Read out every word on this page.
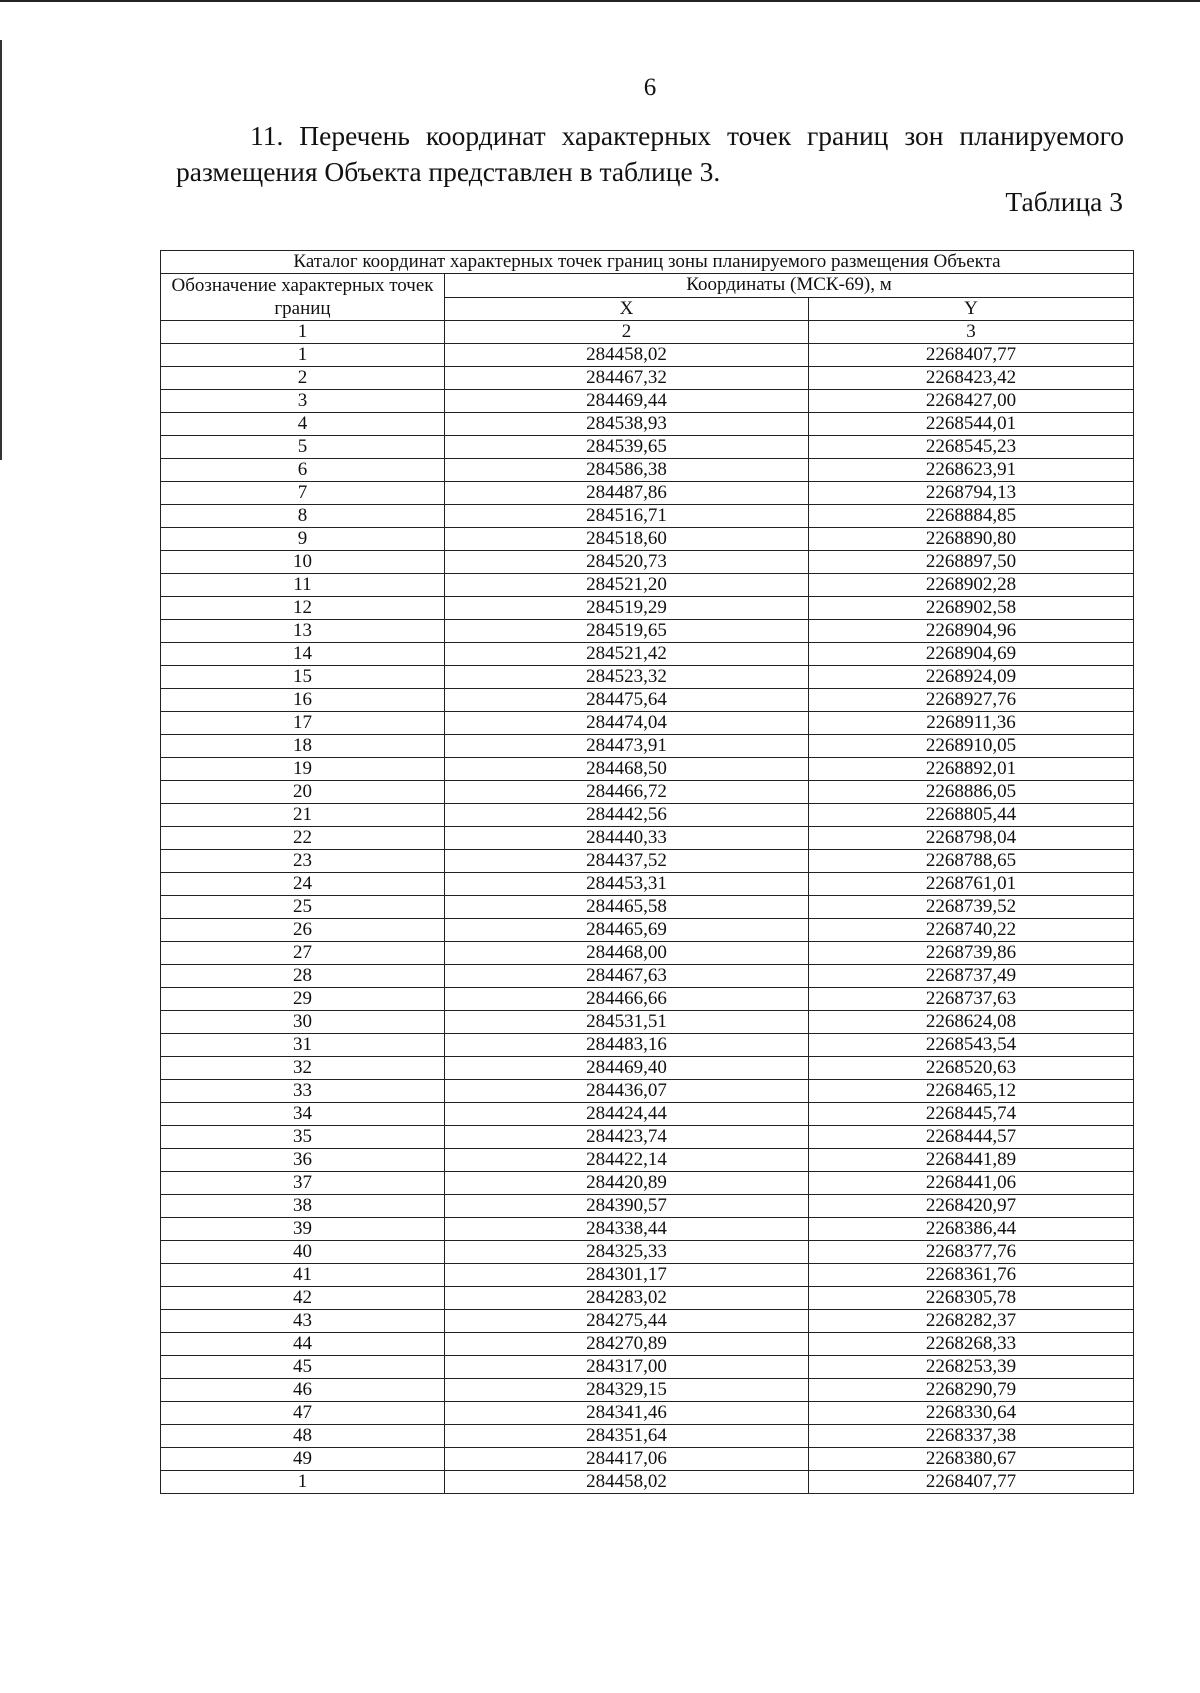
6
11. Перечень координат характерных точек границ зон планируемого
размещения Объекта представлен в таблице 3.
Таблица 3
Каталог координат характерных точек границ зоны планируемого размещения Объекта		
Обозначение характерных точек границ	Координаты (МСК-69), м	
	X	Y
1	2	3
1	284458,02	2268407,77
2	284467,32	2268423,42
3	284469,44	2268427,00
4	284538,93	2268544,01
5	284539,65	2268545,23
6	284586,38	2268623,91
7	284487,86	2268794,13
8	284516,71	2268884,85
9	284518,60	2268890,80
10	284520,73	2268897,50
11	284521,20	2268902,28
12	284519,29	2268902,58
13	284519,65	2268904,96
14	284521,42	2268904,69
15	284523,32	2268924,09
16	284475,64	2268927,76
17	284474,04	2268911,36
18	284473,91	2268910,05
19	284468,50	2268892,01
20	284466,72	2268886,05
21	284442,56	2268805,44
22	284440,33	2268798,04
23	284437,52	2268788,65
24	284453,31	2268761,01
25	284465,58	2268739,52
26	284465,69	2268740,22
27	284468,00	2268739,86
28	284467,63	2268737,49
29	284466,66	2268737,63
30	284531,51	2268624,08
31	284483,16	2268543,54
32	284469,40	2268520,63
33	284436,07	2268465,12
34	284424,44	2268445,74
35	284423,74	2268444,57
36	284422,14	2268441,89
37	284420,89	2268441,06
38	284390,57	2268420,97
39	284338,44	2268386,44
40	284325,33	2268377,76
41	284301,17	2268361,76
42	284283,02	2268305,78
43	284275,44	2268282,37
44	284270,89	2268268,33
45	284317,00	2268253,39
46	284329,15	2268290,79
47	284341,46	2268330,64
48	284351,64	2268337,38
49	284417,06	2268380,67
1	284458,02	2268407,77
